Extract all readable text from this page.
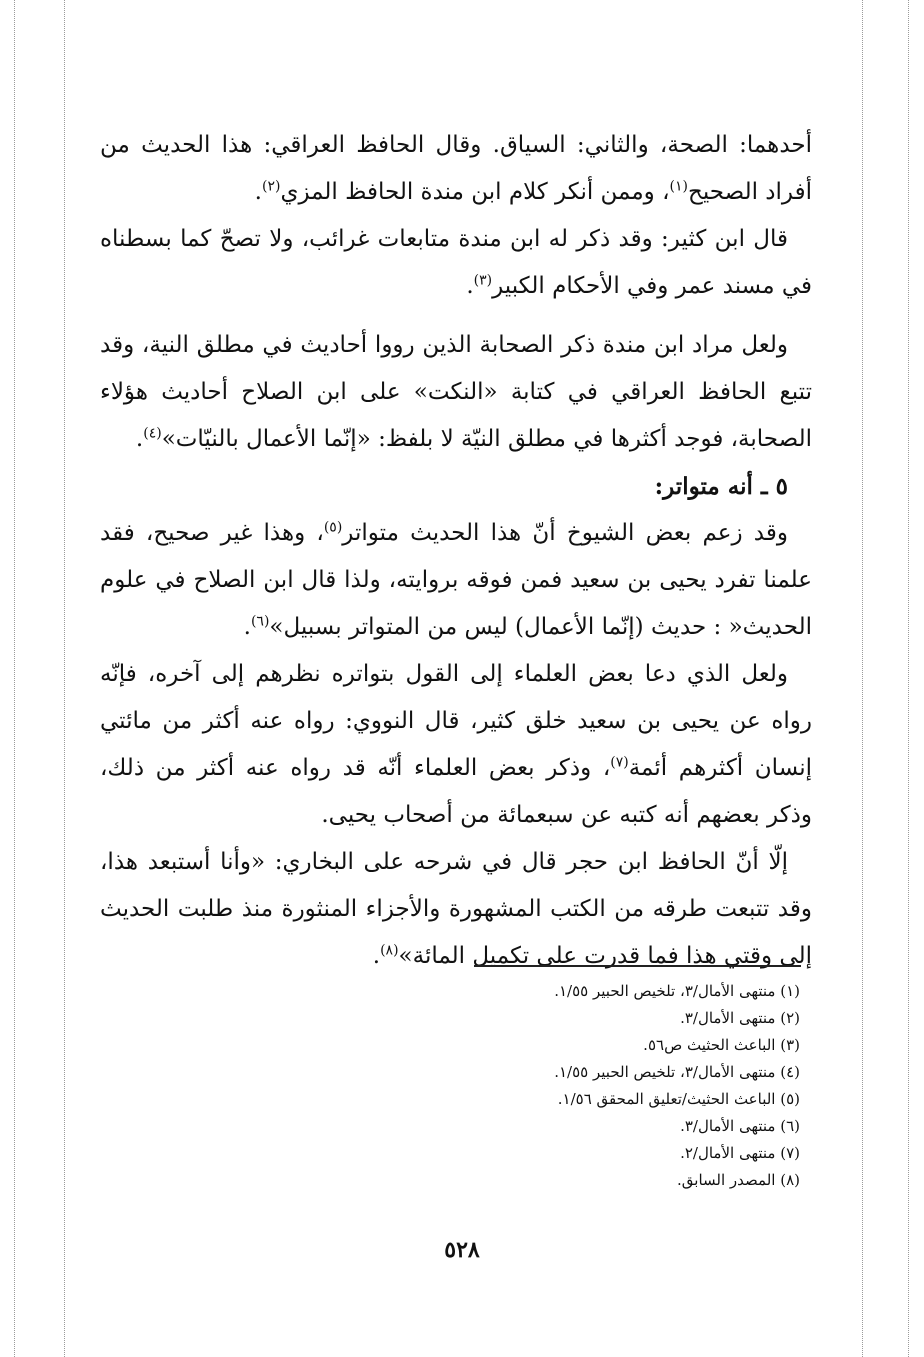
أحدهما: الصحة، والثاني: السياق. وقال الحافظ العراقي: هذا الحديث من أفراد الصحيح$^{(١)}$، وممن أنكر كلام ابن مندة الحافظ المزي$^{(٢)}$.

قال ابن كثير: وقد ذكر له ابن مندة متابعات غرائب، ولا تصحّ كما بسطناه في مسند عمر وفي الأحكام الكبير$^{(٣)}$.

ولعل مراد ابن مندة ذكر الصحابة الذين رووا أحاديث في مطلق النية، وقد تتبع الحافظ العراقي في كتابة «النكت» على ابن الصلاح أحاديث هؤلاء الصحابة، فوجد أكثرها في مطلق النيّة لا بلفظ: «إنّما الأعمال بالنيّات»$^{(٤)}$.

٥ ـ أنه متواتر:

وقد زعم بعض الشيوخ أنّ هذا الحديث متواتر$^{(٥)}$، وهذا غير صحيح، فقد علمنا تفرد يحيى بن سعيد فمن فوقه بروايته، ولذا قال ابن الصلاح في علوم الحديث« : حديث (إنّما الأعمال) ليس من المتواتر بسبيل»$^{(٦)}$.

ولعل الذي دعا بعض العلماء إلى القول بتواتره نظرهم إلى آخره، فإنّه رواه عن يحيى بن سعيد خلق كثير، قال النووي: رواه عنه أكثر من مائتي إنسان أكثرهم أئمة$^{(٧)}$، وذكر بعض العلماء أنّه قد رواه عنه أكثر من ذلك، وذكر بعضهم أنه كتبه عن سبعمائة من أصحاب يحيى.

إلّا أنّ الحافظ ابن حجر قال في شرحه على البخاري: «وأنا أستبعد هذا، وقد تتبعت طرقه من الكتب المشهورة والأجزاء المنثورة منذ طلبت الحديث إلى وقتي هذا فما قدرت على تكميل المائة»$^{(٨)}$.

(١) منتهى الأمال/٣، تلخيص الحبير ١/٥٥.
(٢) منتهى الأمال/٣.
(٣) الباعث الحثيث ص٥٦.
(٤) منتهى الأمال/٣، تلخيص الحبير ١/٥٥.
(٥) الباعث الحثيث/تعليق المحقق ١/٥٦.
(٦) منتهى الأمال/٣.
(٧) منتهى الأمال/٢.
(٨) المصدر السابق.
٥٢٨
